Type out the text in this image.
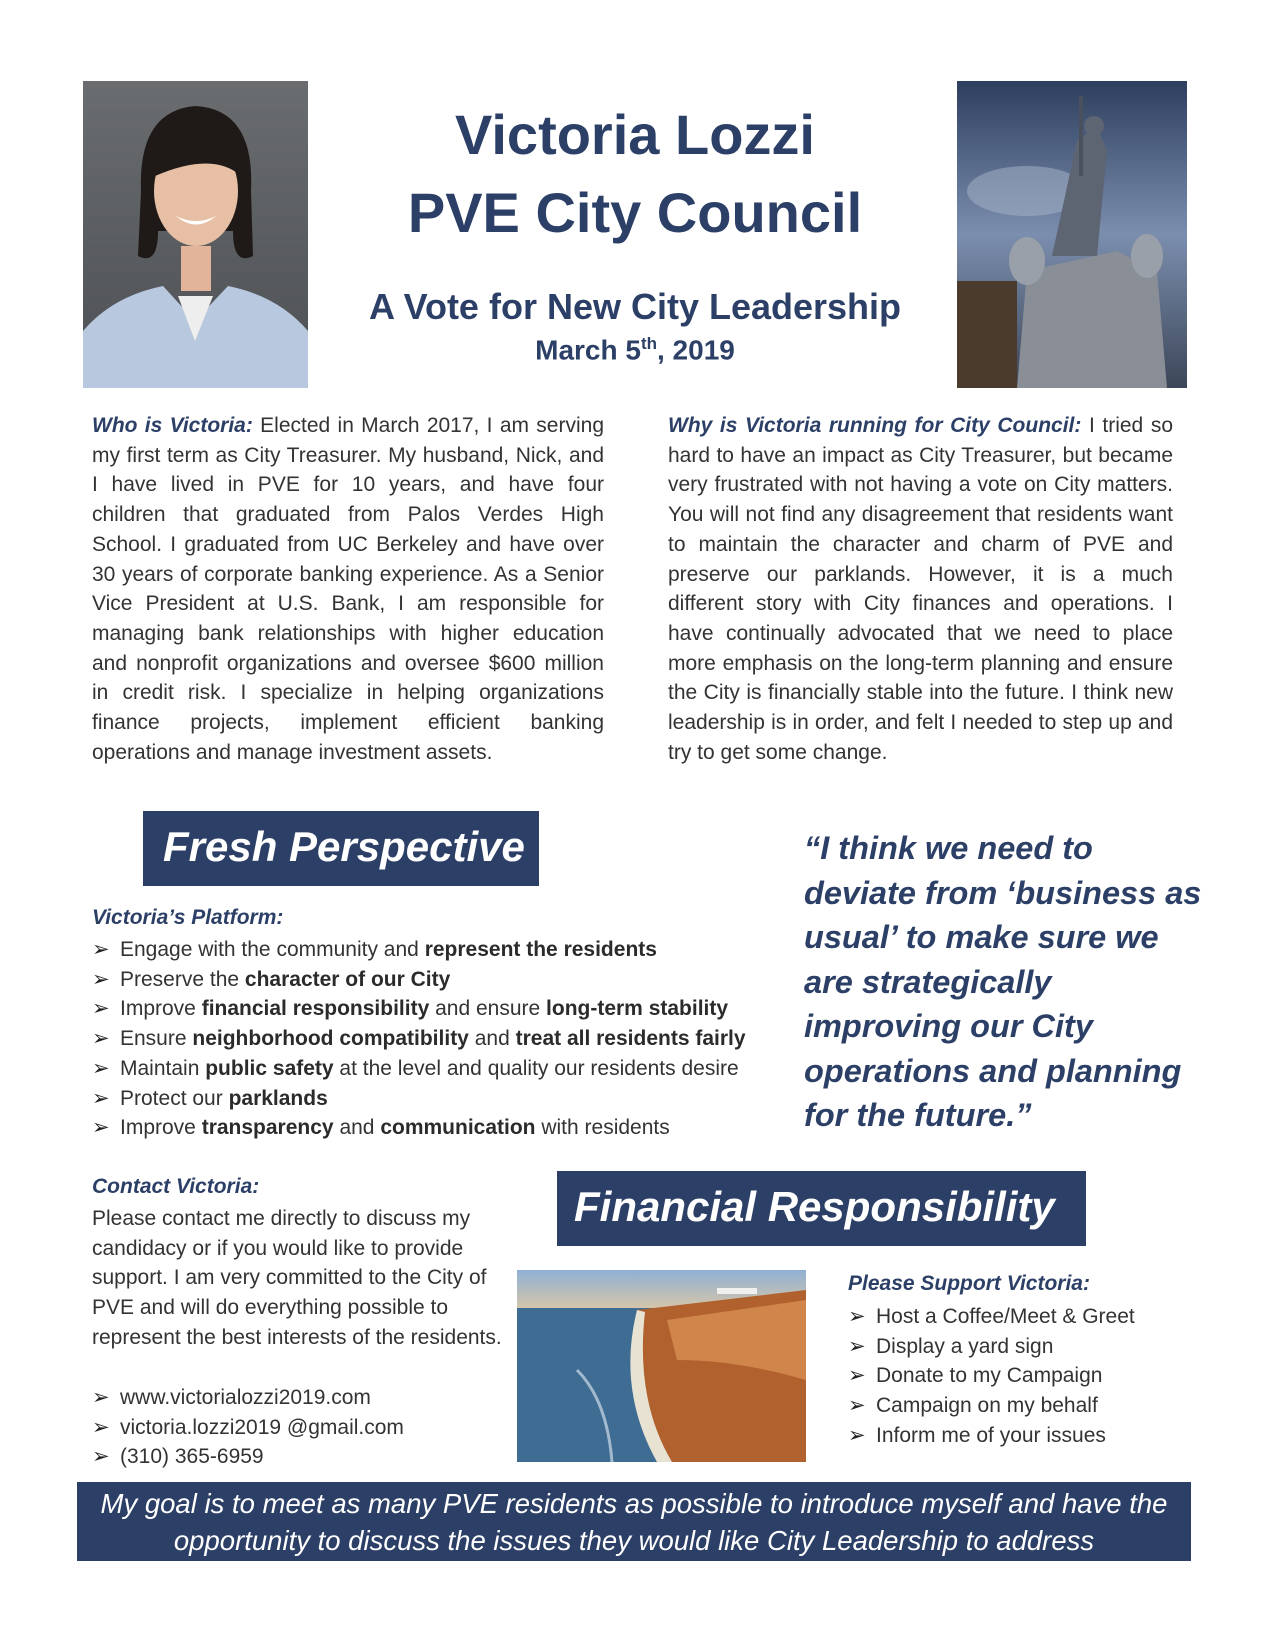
Victoria Lozzi
PVE City Council
A Vote for New City Leadership
March 5th, 2019

Who is Victoria: Elected in March 2017, I am serving my first term as City Treasurer. My husband, Nick, and I have lived in PVE for 10 years, and have four children that graduated from Palos Verdes High School. I graduated from UC Berkeley and have over 30 years of corporate banking experience. As a Senior Vice President at U.S. Bank, I am responsible for managing bank relationships with higher education and nonprofit organizations and oversee $600 million in credit risk. I specialize in helping organizations finance projects, implement efficient banking operations and manage investment assets.

Why is Victoria running for City Council: I tried so hard to have an impact as City Treasurer, but became very frustrated with not having a vote on City matters. You will not find any disagreement that residents want to maintain the character and charm of PVE and preserve our parklands. However, it is a much different story with City finances and operations. I have continually advocated that we need to place more emphasis on the long-term planning and ensure the City is financially stable into the future. I think new leadership is in order, and felt I needed to step up and try to get some change.

Fresh Perspective
Financial Responsibility
“I think we need to deviate from ‘business as usual’ to make sure we are strategically improving our City operations and planning for the future.”
Victoria’s Platform:
➢ Engage with the community and represent the residents
➢ Preserve the character of our City
➢ Improve financial responsibility and ensure long-term stability
➢ Ensure neighborhood compatibility and treat all residents fairly
➢ Maintain public safety at the level and quality our residents desire
➢ Protect our parklands
➢ Improve transparency and communication with residents
Contact Victoria:
Please contact me directly to discuss my candidacy or if you would like to provide support. I am very committed to the City of PVE and will do everything possible to represent the best interests of the residents.
➢ www.victorialozzi2019.com
➢ victoria.lozzi2019 @gmail.com
➢ (310) 365-6959
Please Support Victoria:
➢ Host a Coffee/Meet & Greet
➢ Display a yard sign
➢ Donate to my Campaign
➢ Campaign on my behalf
➢ Inform me of your issues
My goal is to meet as many PVE residents as possible to introduce myself and have the opportunity to discuss the issues they would like City Leadership to address
